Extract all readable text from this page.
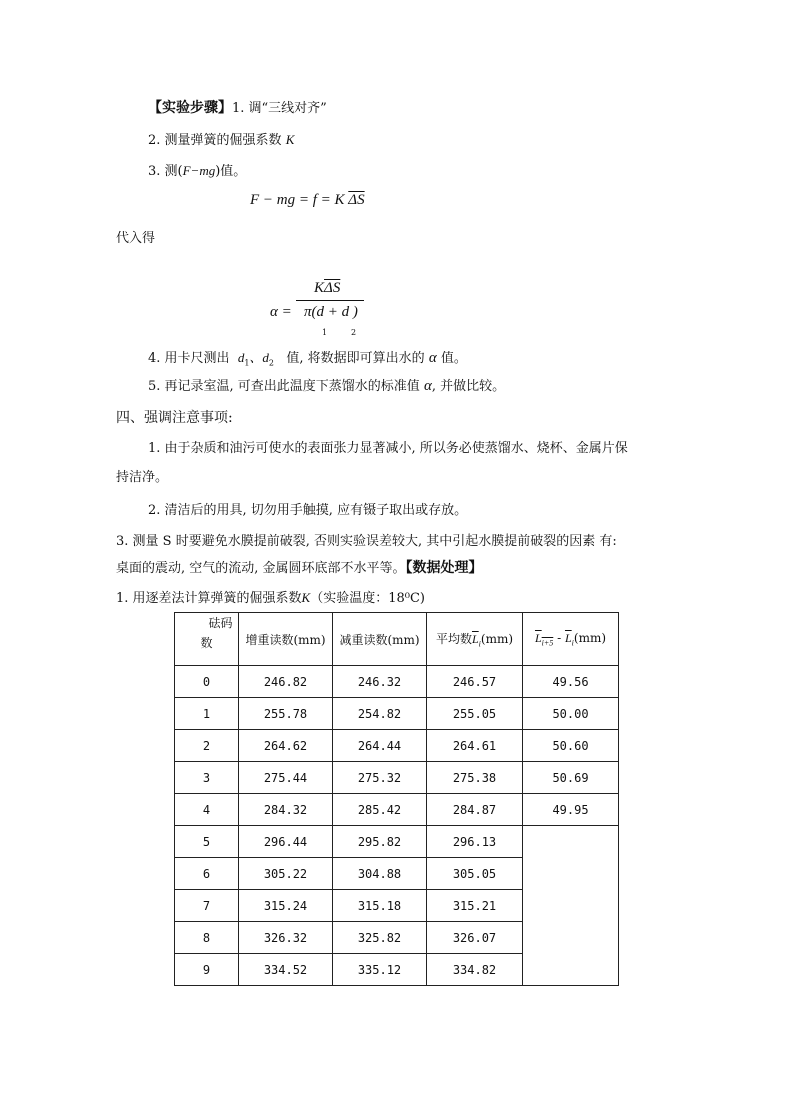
【实验步骤】1. 调“三线对齐”
2. 测量弹簧的倔强系数 K
3. 测(F−mg)值。
F − mg = f = K $\overline{\Delta S}$
代入得
$K\overline{\Delta S}$
α = π(d + d )
1	2
4. 用卡尺测出 $d_1$、$d_2$ 值, 将数据即可算出水的 α 值。
5. 再记录室温, 可查出此温度下蒸馏水的标准值 α, 并做比较。
四、强调注意事项:
1. 由于杂质和油污可使水的表面张力显著减小, 所以务必使蒸馏水、烧杯、金属片保
持洁净。
2. 清洁后的用具, 切勿用手触摸, 应有镊子取出或存放。
3. 测量 S 时要避免水膜提前破裂, 否则实验误差较大, 其中引起水膜提前破裂的因素 有:
桌面的震动, 空气的流动, 金属圆环底部不水平等。【数据处理】
1. 用逐差法计算弹簧的倔强系数K（实验温度：18⁰C)
砝码
数	增重读数(mm)	减重读数(mm)	平均数$\overline{L}_i(mm)$	$L_{i+5} - \overline{L}_i(mm)$
0	246.82	246.32	246.57	49.56
1	255.78	254.82	255.05	50.00
2	264.62	264.44	264.61	50.60
3	275.44	275.32	275.38	50.69
4	284.32	285.42	284.87	49.95
5	296.44	295.82	296.13	
6	305.22	304.88	305.05	
7	315.24	315.18	315.21	
8	326.32	325.82	326.07	
9	334.52	335.12	334.82	
